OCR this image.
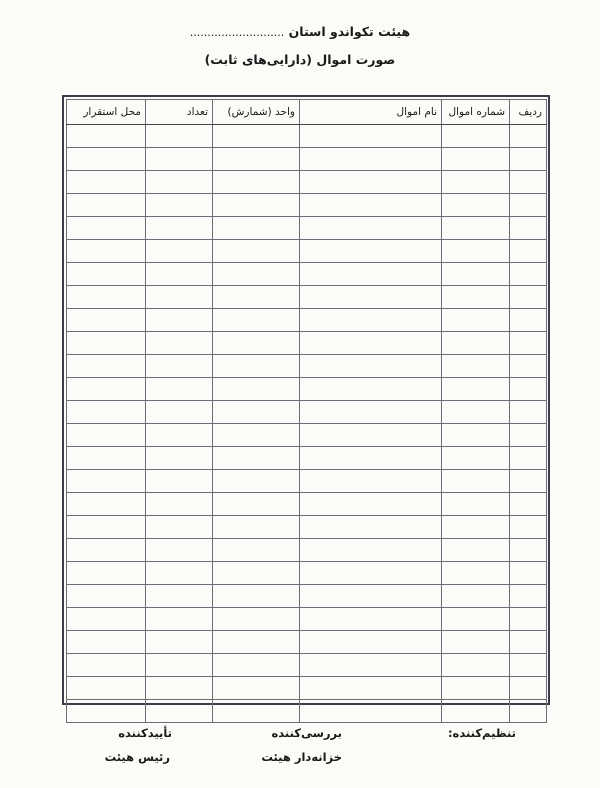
هیئت تکواندو استان ...........................
صورت اموال (دارایی‌های ثابت)
ردیف	شماره اموال	نام اموال	واحد (شمارش)	تعداد	محل استقرار

تنظیم‌کننده:
بررسی‌کننده
خزانه‌دار هیئت
تأییدکننده
رئیس هیئت
